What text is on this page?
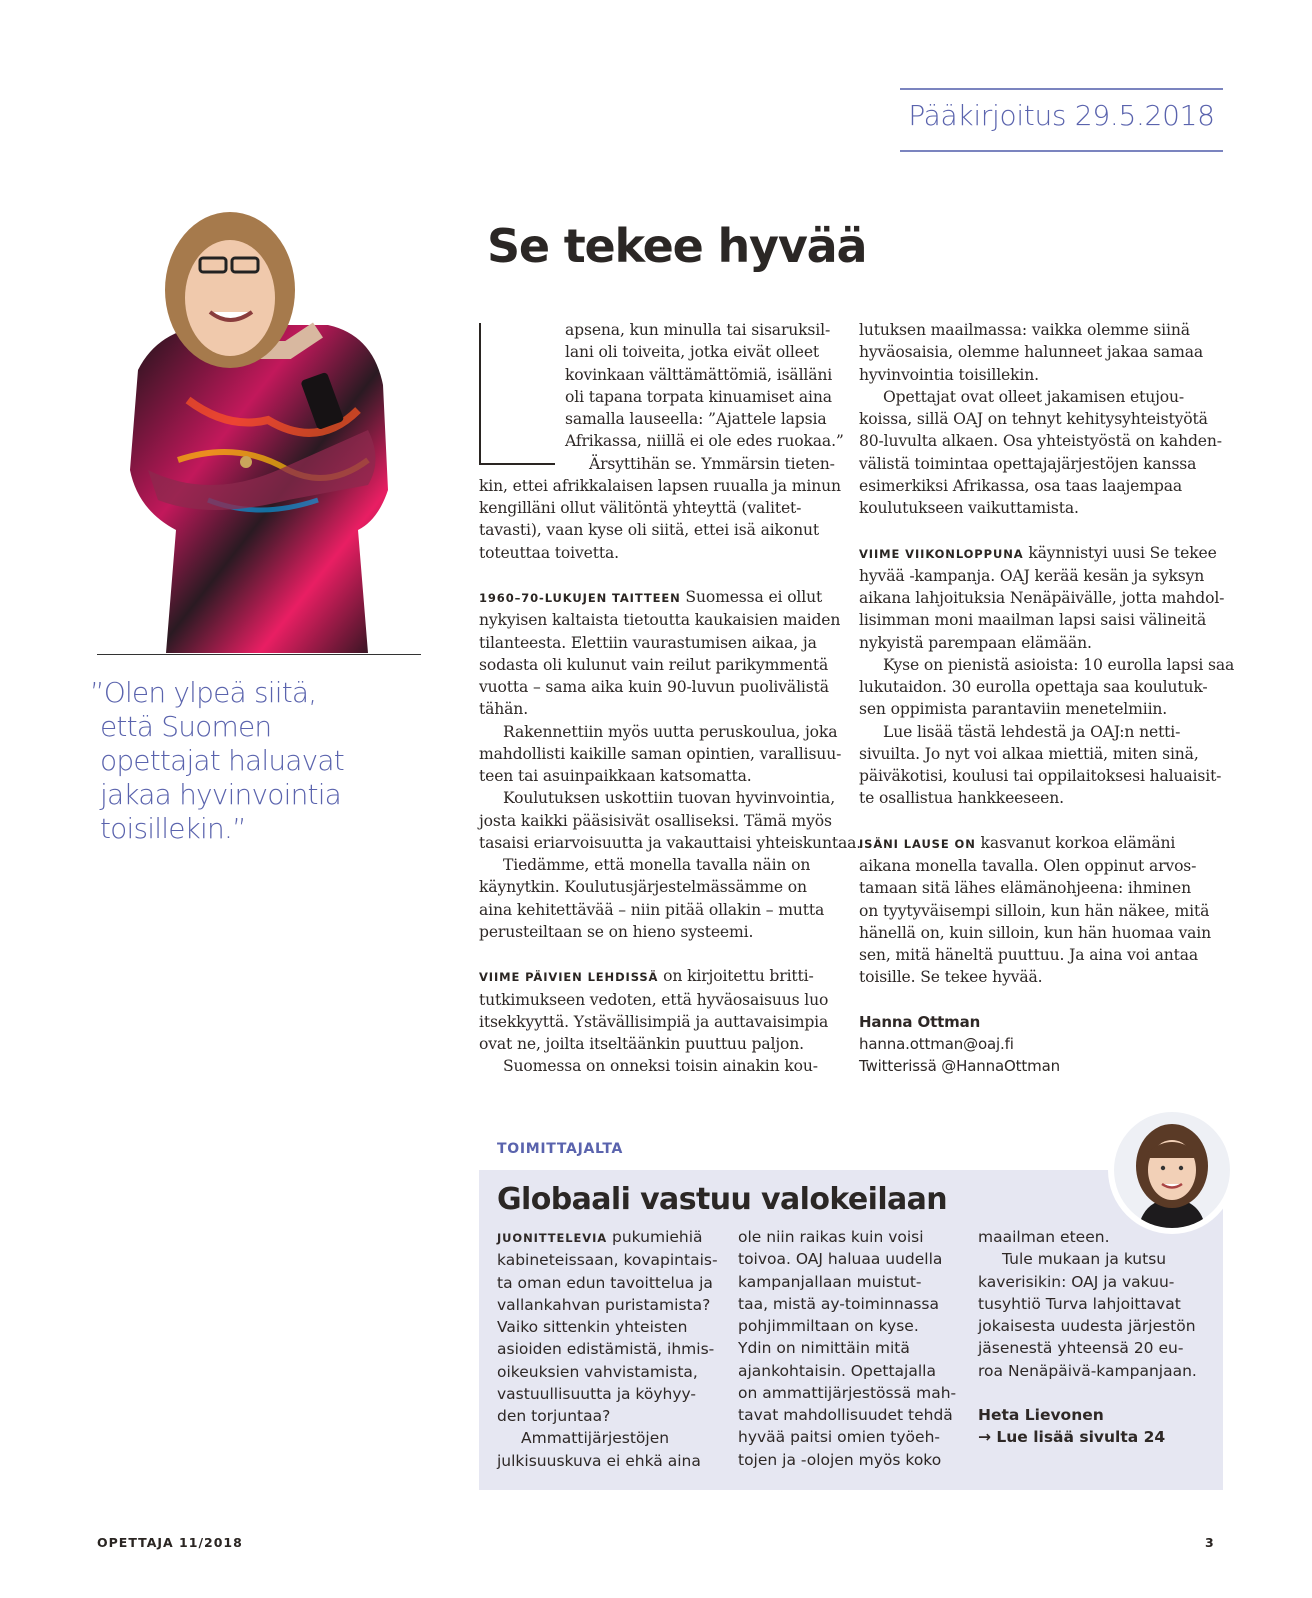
Pääkirjoitus 29.5.2018
”Olen ylpeä siitä,
että Suomen
opettajat haluavat
jakaa hyvinvointia
toisillekin.”
Se tekee hyvää
apsena, kun minulla tai sisaruksil-
lani oli toiveita, jotka eivät olleet
kovinkaan välttämättömiä, isälläni
oli tapana torpata kinuamiset aina
samalla lauseella: ”Ajattele lapsia
Afrikassa, niillä ei ole edes ruokaa.”
Ärsyttihän se. Ymmärsin tieten-
kin, ettei afrikkalaisen lapsen ruualla ja minun
kengilläni ollut välitöntä yhteyttä (valitet-
tavasti), vaan kyse oli siitä, ettei isä aikonut
toteuttaa toivetta.
1960–70-LUKUJEN TAITTEEN Suomessa ei ollut
nykyisen kaltaista tietoutta kaukaisien maiden
tilanteesta. Elettiin vaurastumisen aikaa, ja
sodasta oli kulunut vain reilut parikymmentä
vuotta – sama aika kuin 90-luvun puolivälistä
tähän.
Rakennettiin myös uutta peruskoulua, joka
mahdollisti kaikille saman opintien, varallisuu-
teen tai asuinpaikkaan katsomatta.
Koulutuksen uskottiin tuovan hyvinvointia,
josta kaikki pääsisivät osalliseksi. Tämä myös
tasaisi eriarvoisuutta ja vakauttaisi yhteiskuntaa.
Tiedämme, että monella tavalla näin on
käynytkin. Koulutusjärjestelmässämme on
aina kehitettävää – niin pitää ollakin – mutta
perusteiltaan se on hieno systeemi.
VIIME PÄIVIEN LEHDISSÄ on kirjoitettu britti-
tutkimukseen vedoten, että hyväosaisuus luo
itsekkyyttä. Ystävällisimpiä ja auttavaisimpia
ovat ne, joilta itseltäänkin puuttuu paljon.
Suomessa on onneksi toisin ainakin kou-
lutuksen maailmassa: vaikka olemme siinä
hyväosaisia, olemme halunneet jakaa samaa
hyvinvointia toisillekin.
Opettajat ovat olleet jakamisen etujou-
koissa, sillä OAJ on tehnyt kehitysyhteistyötä
80-luvulta alkaen. Osa yhteistyöstä on kahden-
välistä toimintaa opettajajärjestöjen kanssa
esimerkiksi Afrikassa, osa taas laajempaa
koulutukseen vaikuttamista.
VIIME VIIKONLOPPUNA käynnistyi uusi Se tekee
hyvää -kampanja. OAJ kerää kesän ja syksyn
aikana lahjoituksia Nenäpäivälle, jotta mahdol-
lisimman moni maailman lapsi saisi välineitä
nykyistä parempaan elämään.
Kyse on pienistä asioista: 10 eurolla lapsi saa
lukutaidon. 30 eurolla opettaja saa koulutuk-
sen oppimista parantaviin menetelmiin.
Lue lisää tästä lehdestä ja OAJ:n netti-
sivuilta. Jo nyt voi alkaa miettiä, miten sinä,
päiväkotisi, koulusi tai oppilaitoksesi haluaisit-
te osallistua hankkeeseen.
ISÄNI LAUSE ON kasvanut korkoa elämäni
aikana monella tavalla. Olen oppinut arvos-
tamaan sitä lähes elämänohjeena: ihminen
on tyytyväisempi silloin, kun hän näkee, mitä
hänellä on, kuin silloin, kun hän huomaa vain
sen, mitä häneltä puuttuu. Ja aina voi antaa
toisille. Se tekee hyvää.
Hanna Ottman
hanna.ottman@oaj.fi
Twitterissä @HannaOttman
TOIMITTAJALTA
Globaali vastuu valokeilaan
JUONITTELEVIA pukumiehiä
kabineteissaan, kovapintais-
ta oman edun tavoittelua ja
vallankahvan puristamista?
Vaiko sittenkin yhteisten
asioiden edistämistä, ihmis-
oikeuksien vahvistamista,
vastuullisuutta ja köyhyy-
den torjuntaa?
Ammattijärjestöjen
julkisuuskuva ei ehkä aina
ole niin raikas kuin voisi
toivoa. OAJ haluaa uudella
kampanjallaan muistut-
taa, mistä ay-toiminnassa
pohjimmiltaan on kyse.
Ydin on nimittäin mitä
ajankohtaisin. Opettajalla
on ammattijärjestössä mah-
tavat mahdollisuudet tehdä
hyvää paitsi omien työeh-
tojen ja -olojen myös koko
maailman eteen.
Tule mukaan ja kutsu
kaverisikin: OAJ ja vakuu-
tusyhtiö Turva lahjoittavat
jokaisesta uudesta järjestön
jäsenestä yhteensä 20 eu-
roa Nenäpäivä-kampanjaan.
Heta Lievonen
→ Lue lisää sivulta 24
OPETTAJA 11/2018	3
